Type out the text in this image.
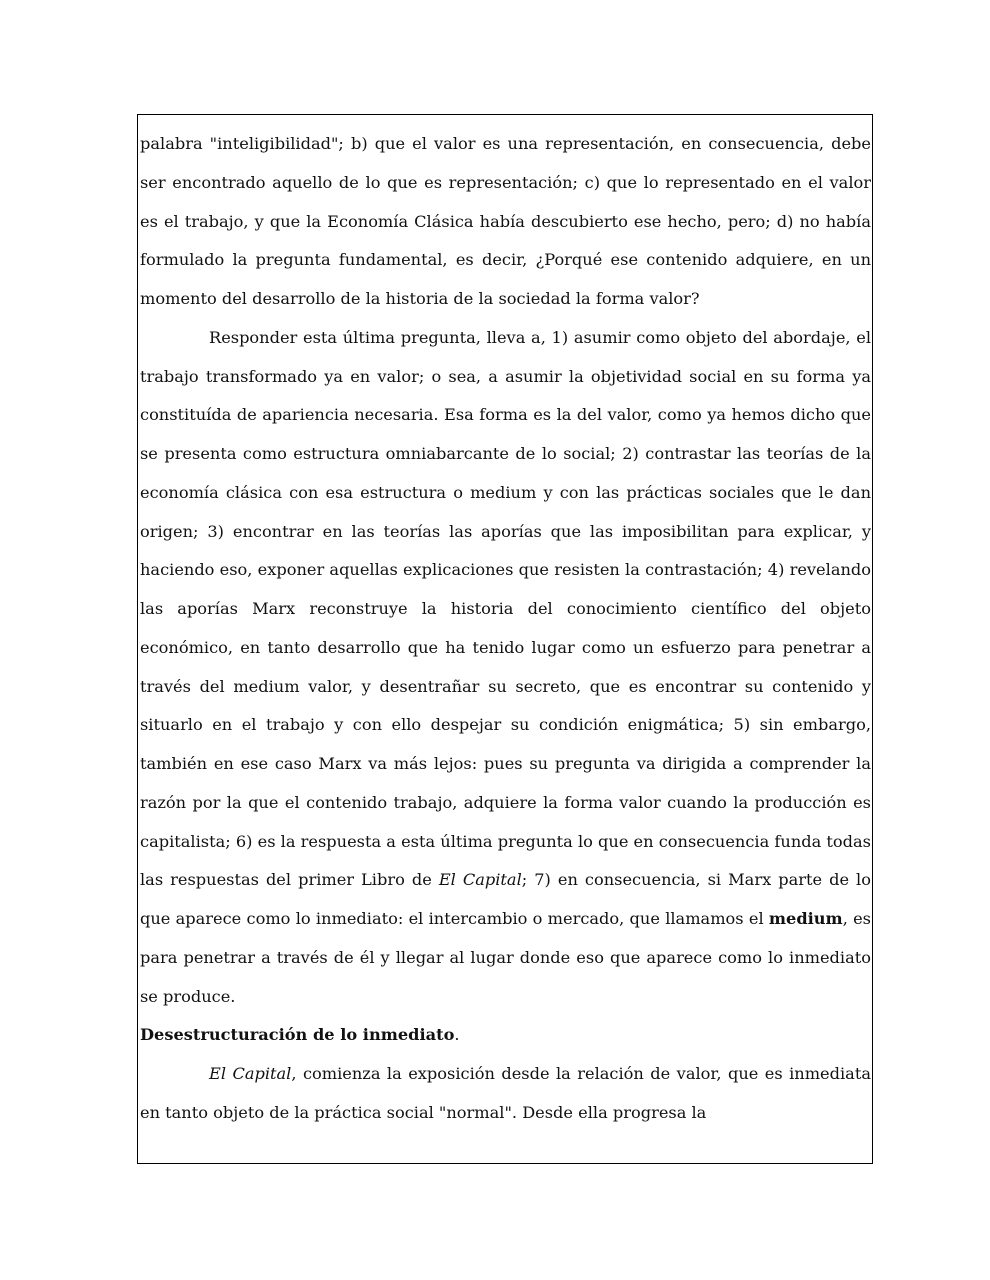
palabra "inteligibilidad"; b) que el valor es una representación, en consecuencia, debe ser encontrado aquello de lo que es representación; c) que lo representado en el valor es el trabajo, y que la Economía Clásica había descubierto ese hecho, pero; d) no había formulado la pregunta fundamental, es decir, ¿Porqué ese contenido adquiere, en un momento del desarrollo de la historia de la sociedad la forma valor?

Responder esta última pregunta, lleva a, 1) asumir como objeto del abordaje, el trabajo transformado ya en valor; o sea, a asumir la objetividad social en su forma ya constituída de apariencia necesaria. Esa forma es la del valor, como ya hemos dicho que se presenta como estructura omniabarcante de lo social; 2) contrastar las teorías de la economía clásica con esa estructura o medium y con las prácticas sociales que le dan origen; 3) encontrar en las teorías las aporías que las imposibilitan para explicar, y haciendo eso, exponer aquellas explicaciones que resisten la contrastación; 4) revelando las aporías Marx reconstruye la historia del conocimiento científico del objeto económico, en tanto desarrollo que ha tenido lugar como un esfuerzo para penetrar a través del medium valor, y desentrañar su secreto, que es encontrar su contenido y situarlo en el trabajo y con ello despejar su condición enigmática; 5) sin embargo, también en ese caso Marx va más lejos: pues su pregunta va dirigida a comprender la razón por la que el contenido trabajo, adquiere la forma valor cuando la producción es capitalista; 6) es la respuesta a esta última pregunta lo que en consecuencia funda todas las respuestas del primer Libro de El Capital; 7) en consecuencia, si Marx parte de lo que aparece como lo inmediato: el intercambio o mercado, que llamamos el medium, es para penetrar a través de él y llegar al lugar donde eso que aparece como lo inmediato se produce.

Desestructuración de lo inmediato.

El Capital, comienza la exposición desde la relación de valor, que es inmediata en tanto objeto de la práctica social "normal". Desde ella progresa la
